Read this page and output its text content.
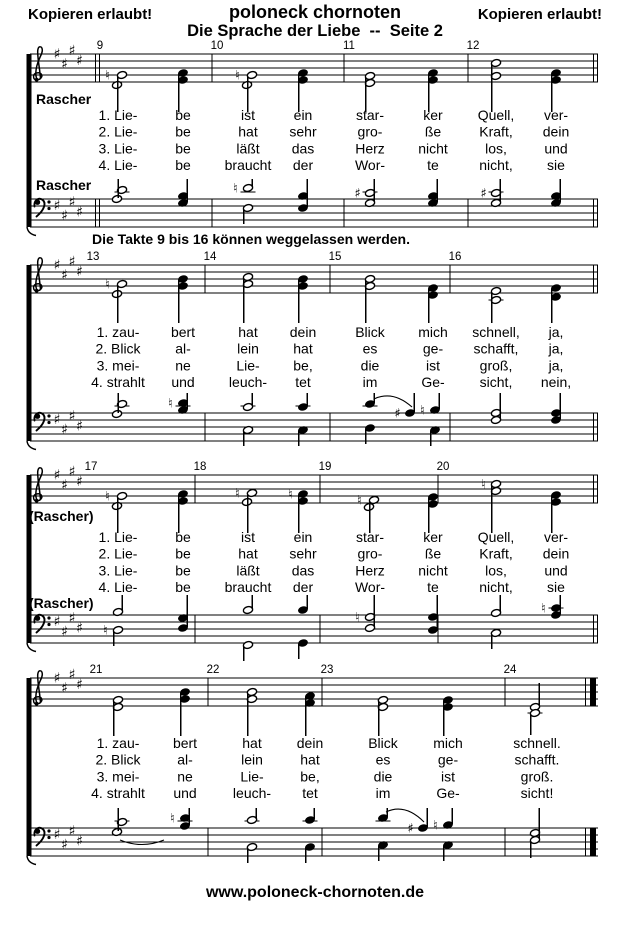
Kopieren erlaubt!	poloneck chornoten	Kopieren erlaubt!
Die Sprache der Liebe  --  Seite 2
9	10	11	12
♯
♯
♯
♯
♯
♯
♯
♯
♮	♮
♮	♯	♯
1. Lie-	be	ist	ein	star-	ker Quell, ver-
2. Lie-	be	hat sehr	gro-	ße	Kraft, dein
3. Lie-	be	läßt das	Herz nicht	los,	und
4. Lie-	be braucht der	Wor-	te	nicht, sie
13	14	15	16
♯
♯
♯
♯
♯
♯
♯
♯
♮
♮
♯ ♮
1. zau- bert	hat dein	Blick mich schnell, ja,
2. Blick al-	lein hat	es	ge- schafft, ja,
3. mei-	ne	Lie- be,	die	ist	groß,	ja,
4. strahlt und leuch- tet	im	Ge- sicht, nein,
17	18	19	20
♯
♯
♯
♯
♯
♯
♯
♯
♮	♮	♮	♮
♮
♮
♮
♮
1. Lie-	be	ist	ein	star-	ker Quell, ver-
2. Lie-	be	hat sehr	gro-	ße	Kraft, dein
3. Lie-	be	läßt das	Herz nicht	los,	und
4. Lie-	be braucht der	Wor-	te	nicht, sie
21	22	23	24
♯
♯
♯
♯
♯
♯
♯
♯
♮
♯ ♮
1. zau- bert	hat	dein	Blick	mich	schnell.
2. Blick	al-	lein	hat	es	ge-	schafft.
3. mei-	ne	Lie-	be,	die	ist	groß.
4. strahlt und	leuch- tet	im	Ge-	sicht!
Rascher
Rascher
(Rascher)
(Rascher)
Die Takte 9 bis 16 können weggelassen werden.
www.poloneck-chornoten.de
